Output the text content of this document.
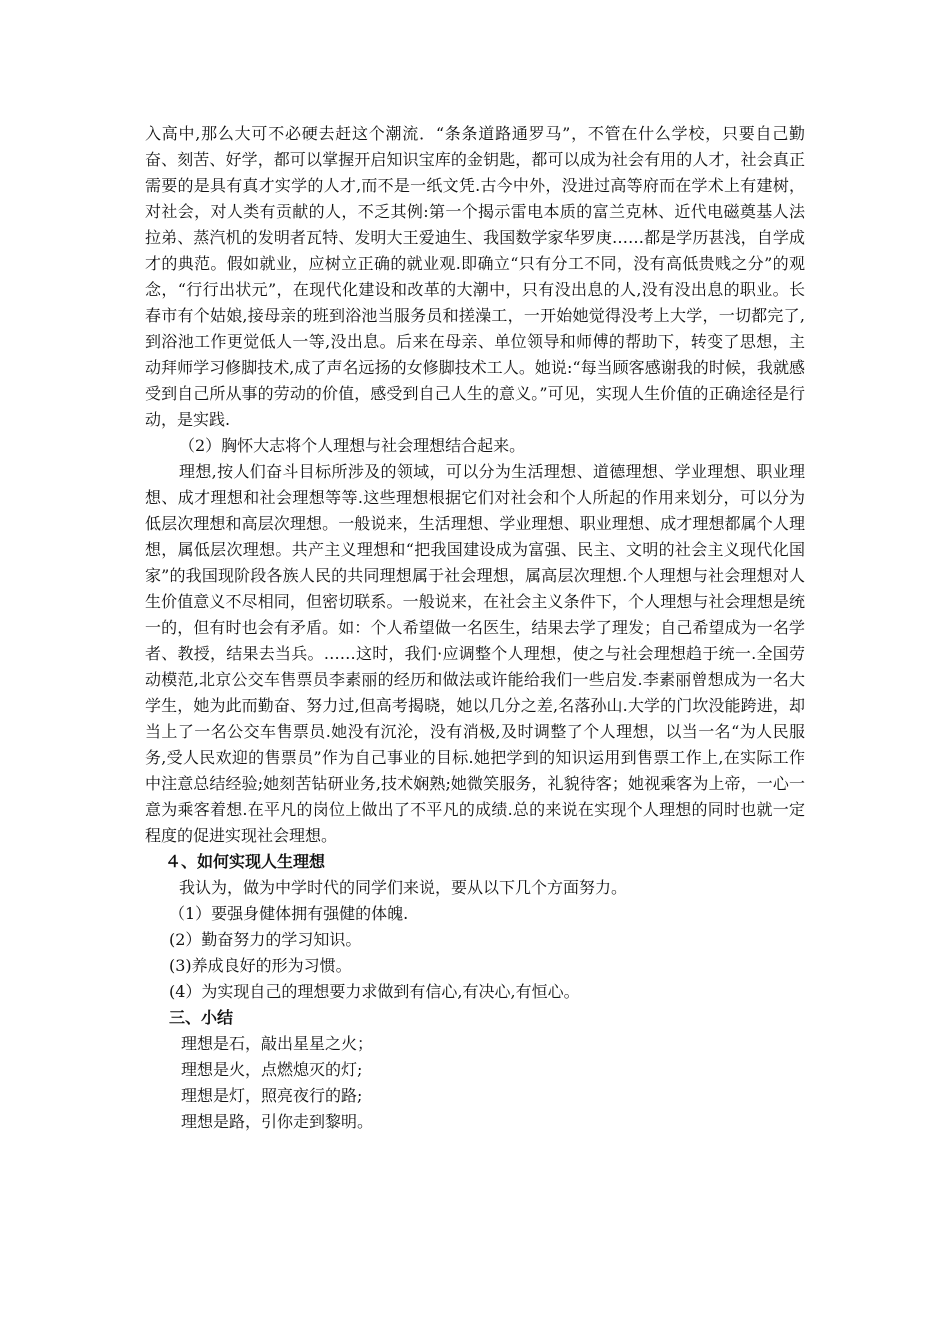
入高中,那么大可不必硬去赶这个潮流．“条条道路通罗马”，不管在什么学校，只要自己勤奋、刻苦、好学，都可以掌握开启知识宝库的金钥匙，都可以成为社会有用的人才，社会真正需要的是具有真才实学的人才,而不是一纸文凭.古今中外，没进过高等府而在学术上有建树，对社会，对人类有贡献的人，不乏其例:第一个揭示雷电本质的富兰克林、近代电磁奠基人法拉弟、蒸汽机的发明者瓦特、发明大王爱迪生、我国数学家华罗庚……都是学历甚浅，自学成才的典范。假如就业，应树立正确的就业观.即确立“只有分工不同，没有高低贵贱之分”的观念，“行行出状元”，在现代化建设和改革的大潮中，只有没出息的人,没有没出息的职业。长春市有个姑娘,接母亲的班到浴池当服务员和搓澡工，一开始她觉得没考上大学，一切都完了,到浴池工作更觉低人一等,没出息。后来在母亲、单位领导和师傅的帮助下，转变了思想，主动拜师学习修脚技术,成了声名远扬的女修脚技术工人。她说:“每当顾客感谢我的时候，我就感受到自己所从事的劳动的价值，感受到自己人生的意义。”可见，实现人生价值的正确途径是行动，是实践.

（2）胸怀大志将个人理想与社会理想结合起来。

理想,按人们奋斗目标所涉及的领域，可以分为生活理想、道德理想、学业理想、职业理想、成才理想和社会理想等等.这些理想根据它们对社会和个人所起的作用来划分，可以分为低层次理想和高层次理想。一般说来，生活理想、学业理想、职业理想、成才理想都属个人理想，属低层次理想。共产主义理想和“把我国建设成为富强、民主、文明的社会主义现代化国家”的我国现阶段各族人民的共同理想属于社会理想，属高层次理想.个人理想与社会理想对人生价值意义不尽相同，但密切联系。一般说来，在社会主义条件下，个人理想与社会理想是统一的，但有时也会有矛盾。如：个人希望做一名医生，结果去学了理发；自己希望成为一名学者、教授，结果去当兵。……这时，我们·应调整个人理想，使之与社会理想趋于统一.全国劳动模范,北京公交车售票员李素丽的经历和做法或许能给我们一些启发.李素丽曾想成为一名大学生，她为此而勤奋、努力过,但高考揭晓，她以几分之差,名落孙山.大学的门坎没能跨进，却当上了一名公交车售票员.她没有沉沦，没有消极,及时调整了个人理想，以当一名“为人民服务,受人民欢迎的售票员”作为自己事业的目标.她把学到的知识运用到售票工作上,在实际工作中注意总结经验;她刻苦钻研业务,技术娴熟;她微笑服务，礼貌待客；她视乘客为上帝，一心一意为乘客着想.在平凡的岗位上做出了不平凡的成绩.总的来说在实现个人理想的同时也就一定程度的促进实现社会理想。

４、如何实现人生理想

我认为，做为中学时代的同学们来说，要从以下几个方面努力。

（1）要强身健体拥有强健的体魄.

(2）勤奋努力的学习知识。

(3)养成良好的形为习惯。

(4）为实现自己的理想要力求做到有信心,有决心,有恒心。

三、小结

理想是石，敲出星星之火；

理想是火，点燃熄灭的灯;

理想是灯，照亮夜行的路;

理想是路，引你走到黎明。
